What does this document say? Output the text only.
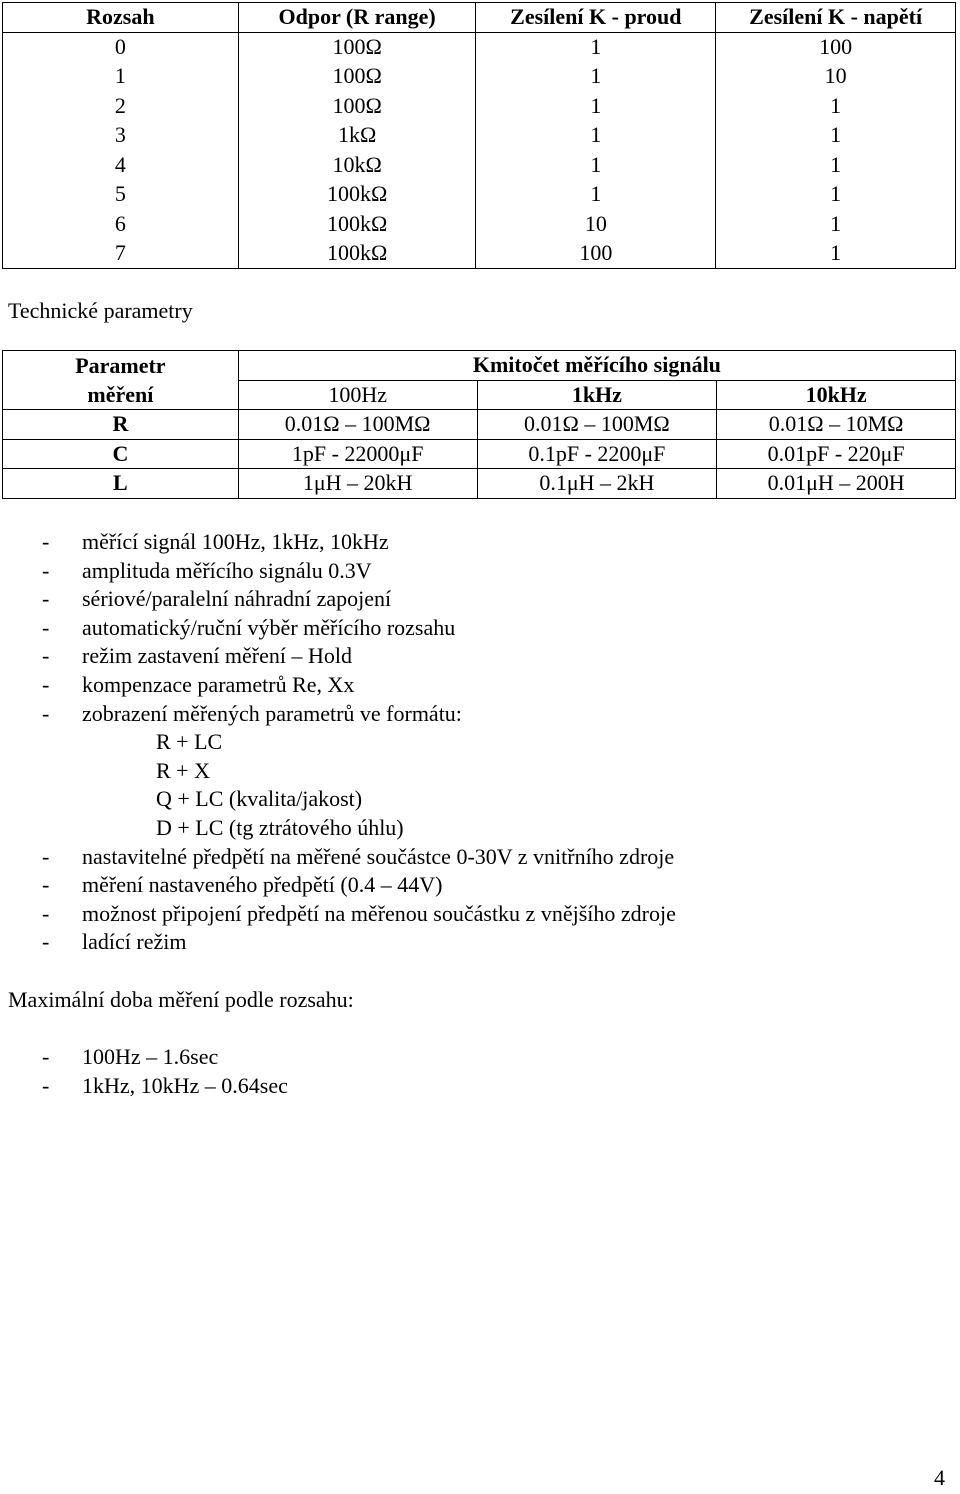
Rozsah	Odpor (R range)	Zesílení K - proud	Zesílení K - napětí
0	100Ω	1	100
1	100Ω	1	10
2	100Ω	1	1
3	1kΩ	1	1
4	10kΩ	1	1
5	100kΩ	1	1
6	100kΩ	10	1
7	100kΩ	100	1
Technické parametry
Parametr	Kmitočet měřícího signálu		
měření	100Hz	1kHz	10kHz
R	0.01Ω – 100MΩ	0.01Ω – 100MΩ	0.01Ω – 10MΩ
C	1pF - 22000μF	0.1pF - 2200μF	0.01pF - 220μF
L	1μH – 20kH	0.1μH – 2kH	0.01μH – 200H
- měřící signál 100Hz, 1kHz, 10kHz
- amplituda měřícího signálu 0.3V
- sériové/paralelní náhradní zapojení
- automatický/ruční výběr měřícího rozsahu
- režim zastavení měření – Hold
- kompenzace parametrů Re, Xx
- zobrazení měřených parametrů ve formátu:
R + LC
R + X
Q + LC (kvalita/jakost)
D + LC (tg ztrátového úhlu)
- nastavitelné předpětí na měřené součástce 0-30V z vnitřního zdroje
- měření nastaveného předpětí (0.4 – 44V)
- možnost připojení předpětí na měřenou součástku z vnějšího zdroje
- ladící režim

Maximální doba měření podle rozsahu:

- 100Hz – 1.6sec
- 1kHz, 10kHz – 0.64sec
4
